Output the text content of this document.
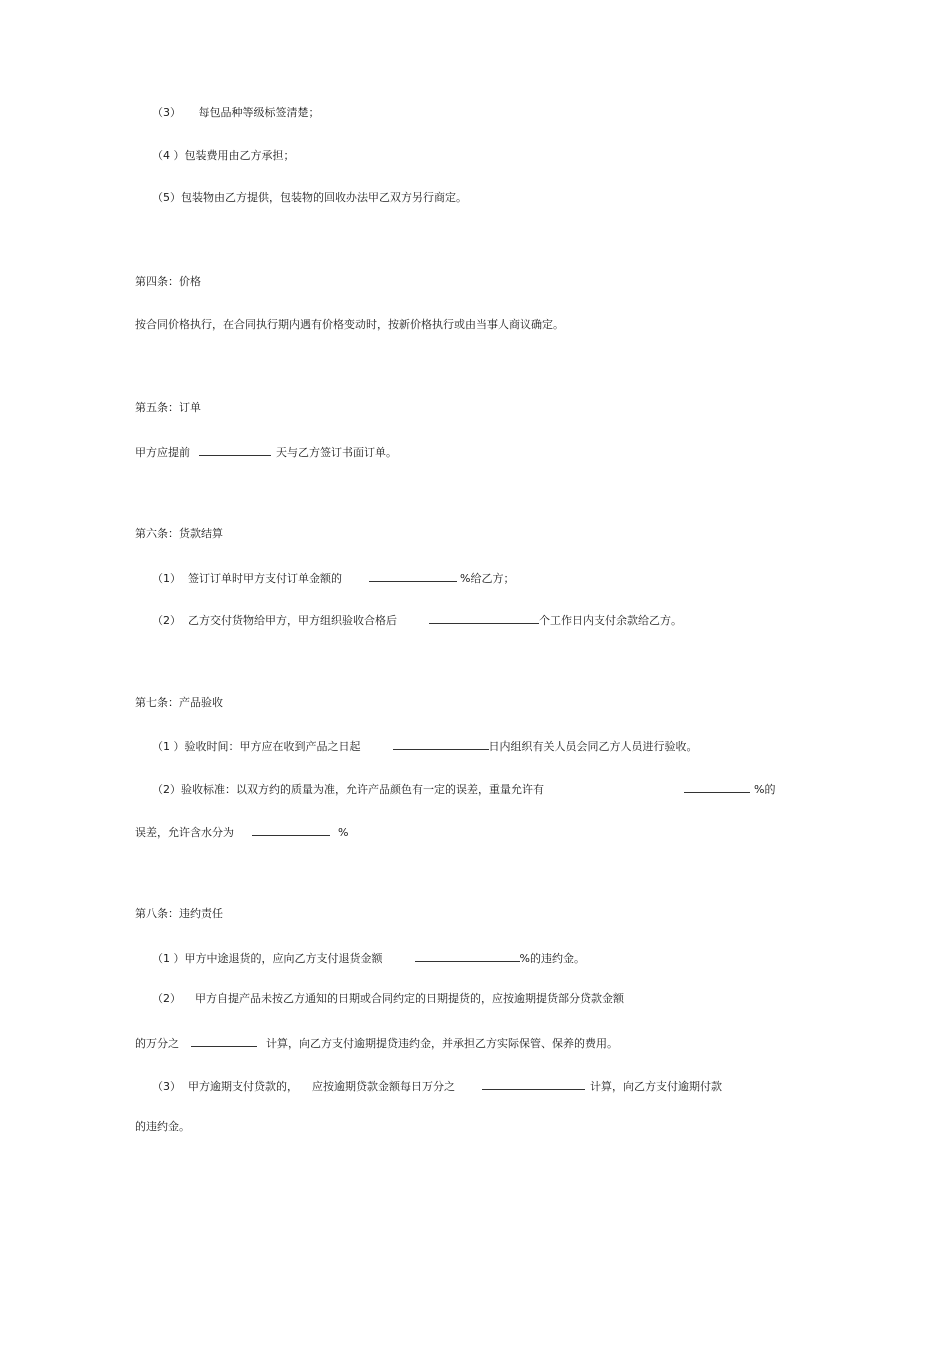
（3）     每包品种等级标签清楚；
（4 ）包装费用由乙方承担；
（5）包装物由乙方提供，包装物的回收办法甲乙双方另行商定。
第四条：价格
按合同价格执行，在合同执行期内遇有价格变动时，按新价格执行或由当事人商议确定。
第五条：订单
甲方应提前	天与乙方签订书面订单。
第六条：货款结算
（1）  签订订单时甲方支付订单金额的	%给乙方；
（2）  乙方交付货物给甲方，甲方组织验收合格后	个工作日内支付余款给乙方。
第七条：产品验收
（1 ）验收时间：甲方应在收到产品之日起	日内组织有关人员会同乙方人员进行验收。
（2）验收标准：以双方约的质量为准，允许产品颜色有一定的误差，重量允许有	%的
误差，允许含水分为	%
第八条：违约责任
（1 ）甲方中途退货的，应向乙方支付退货金额	%的违约金。
（2）    甲方自提产品未按乙方通知的日期或合同约定的日期提货的，应按逾期提货部分贷款金额
的万分之	计算，向乙方支付逾期提贷违约金，并承担乙方实际保管、保养的费用。
（3）  甲方逾期支付贷款的，    应按逾期贷款金额每日万分之	计算，向乙方支付逾期付款
的违约金。
